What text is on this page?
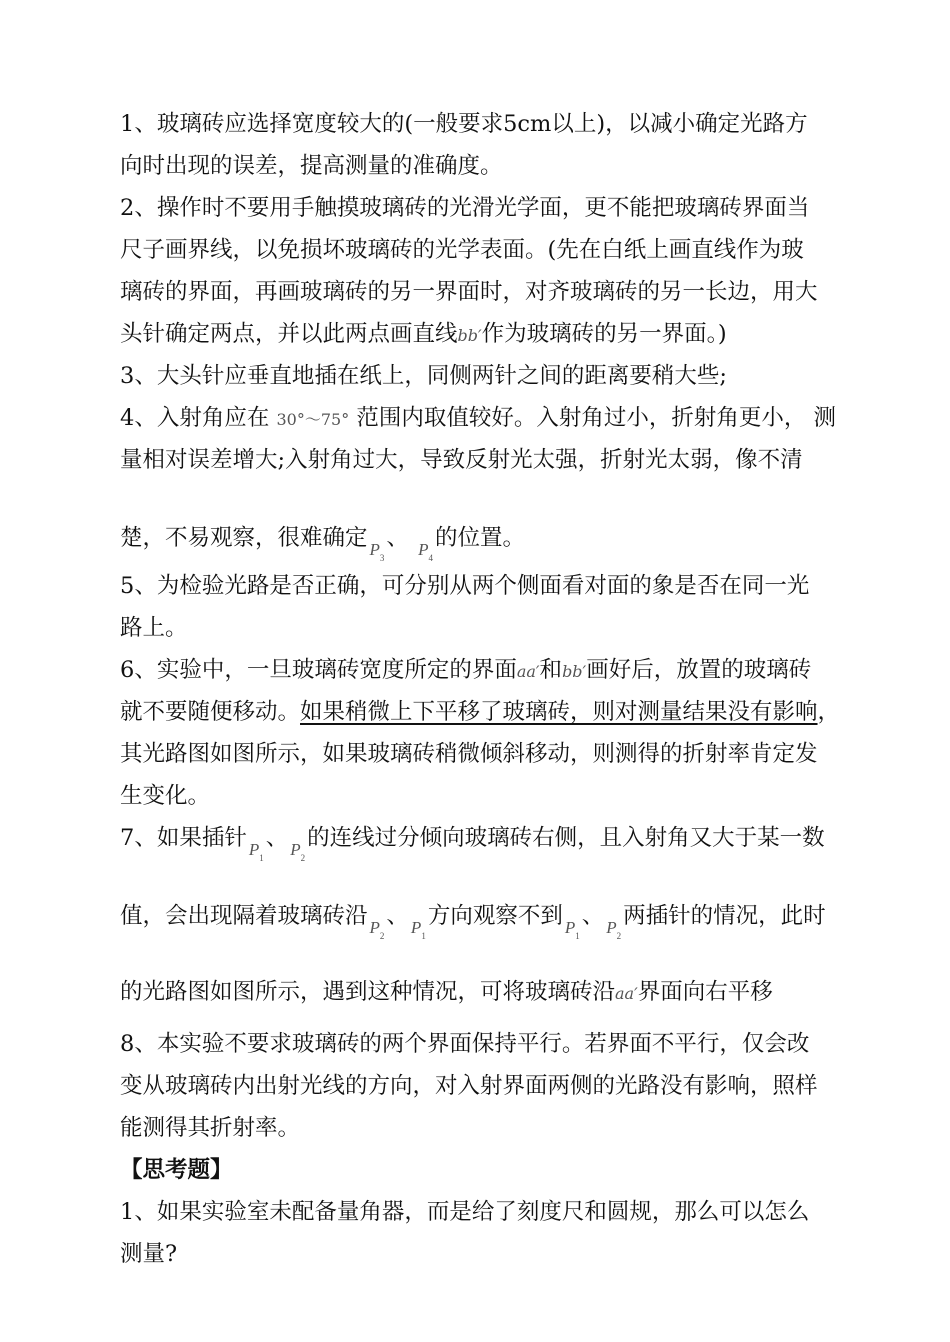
1、玻璃砖应选择宽度较大的(一般要求5cm以上)，以减小确定光路方
向时出现的误差，提高测量的准确度。
2、操作时不要用手触摸玻璃砖的光滑光学面，更不能把玻璃砖界面当
尺子画界线，以免损坏玻璃砖的光学表面。(先在白纸上画直线作为玻
璃砖的界面，再画玻璃砖的另一界面时，对齐玻璃砖的另一长边，用大
头针确定两点，并以此两点画直线bb′作为玻璃砖的另一界面。)
3、大头针应垂直地插在纸上，同侧两针之间的距离要稍大些;
4、入射角应在 30°～75° 范围内取值较好。入射角过小，折射角更小， 测
量相对误差增大;入射角过大，导致反射光太强，折射光太弱，像不清
楚，不易观察，很难确定 $_{P_3}$、 $_{P_4}$的位置。
5、为检验光路是否正确，可分别从两个侧面看对面的象是否在同一光
路上。
6、实验中，一旦玻璃砖宽度所定的界面aa′和bb′画好后，放置的玻璃砖
就不要随便移动。如果稍微上下平移了玻璃砖，则对测量结果没有影响，
其光路图如图所示，如果玻璃砖稍微倾斜移动，则测得的折射率肯定发
生变化。
7、如果插针 $_{P_1}$、 $_{P_2}$的连线过分倾向玻璃砖右侧，且入射角又大于某一数
值，会出现隔着玻璃砖沿 $_{P_2}$、 $_{P_1}$方向观察不到 $_{P_1}$、 $_{P_2}$两插针的情况，此时
的光路图如图所示，遇到这种情况，可将玻璃砖沿aa′界面向右平移
8、本实验不要求玻璃砖的两个界面保持平行。若界面不平行，仅会改
变从玻璃砖内出射光线的方向，对入射界面两侧的光路没有影响，照样
能测得其折射率。
【思考题】
1、如果实验室未配备量角器，而是给了刻度尺和圆规，那么可以怎么
测量?
